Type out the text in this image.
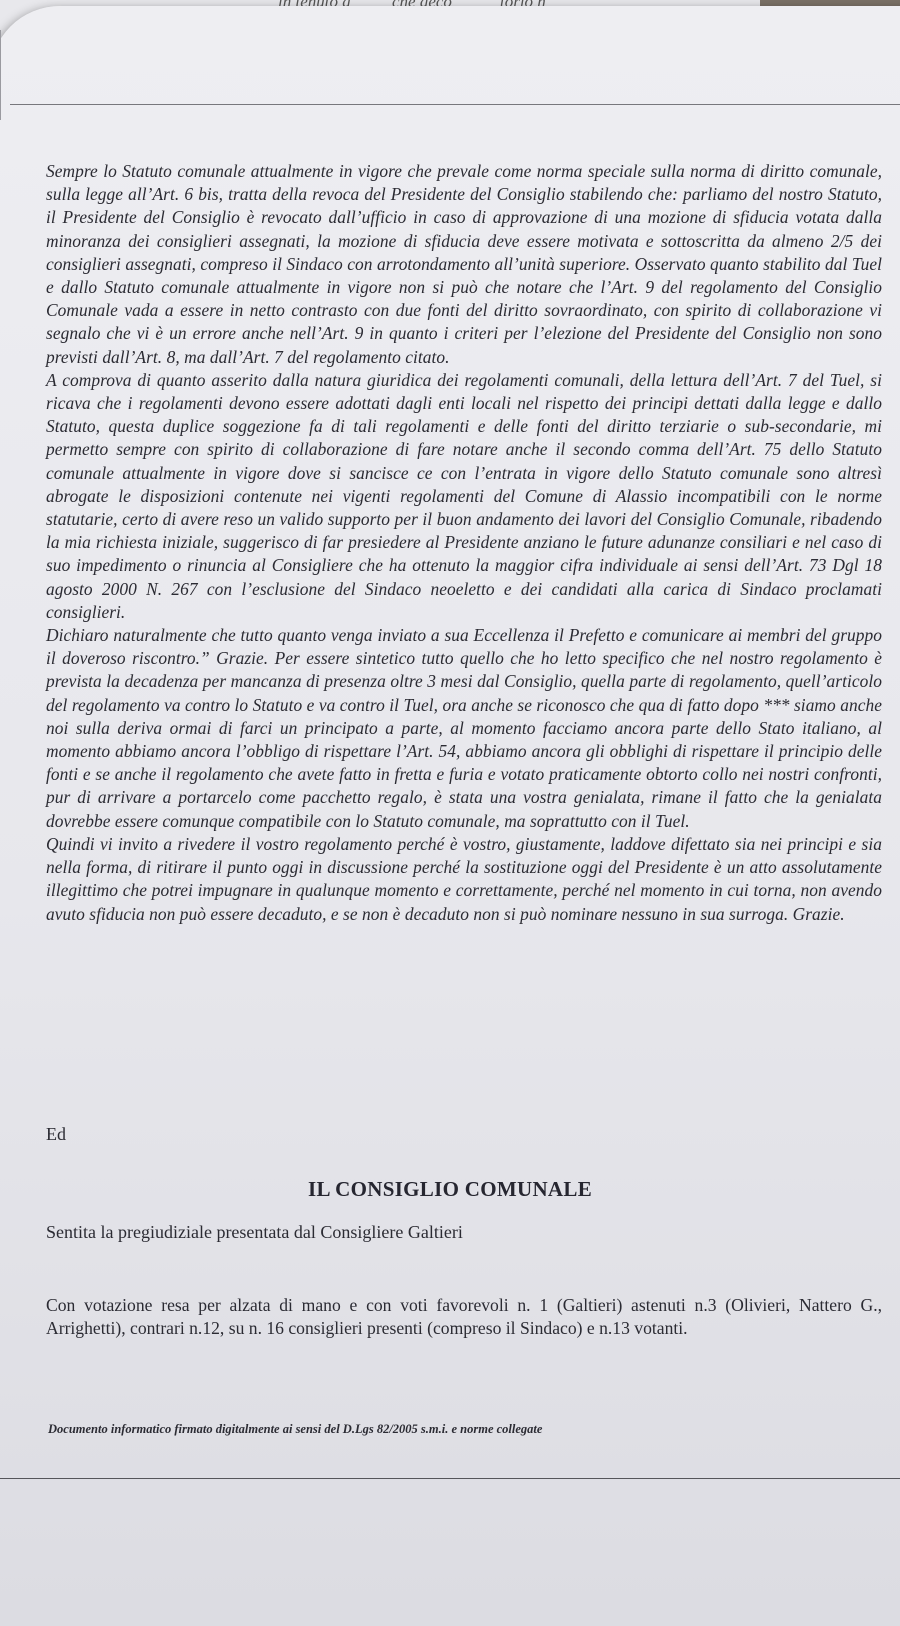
Sempre lo Statuto comunale attualmente in vigore che prevale come norma speciale sulla norma di diritto comunale, sulla legge all’Art. 6 bis, tratta della revoca del Presidente del Consiglio stabilendo che: parliamo del nostro Statuto, il Presidente del Consiglio è revocato dall’ufficio in caso di approvazione di una mozione di sfiducia votata dalla minoranza dei consiglieri assegnati, la mozione di sfiducia deve essere motivata e sottoscritta da almeno 2/5 dei consiglieri assegnati, compreso il Sindaco con arrotondamento all’unità superiore. Osservato quanto stabilito dal Tuel e dallo Statuto comunale attualmente in vigore non si può che notare che l’Art. 9 del regolamento del Consiglio Comunale vada a essere in netto contrasto con due fonti del diritto sovraordinato, con spirito di collaborazione vi segnalo che vi è un errore anche nell’Art. 9 in quanto i criteri per l’elezione del Presidente del Consiglio non sono previsti dall’Art. 8, ma dall’Art. 7 del regolamento citato.

A comprova di quanto asserito dalla natura giuridica dei regolamenti comunali, della lettura dell’Art. 7 del Tuel, si ricava che i regolamenti devono essere adottati dagli enti locali nel rispetto dei principi dettati dalla legge e dallo Statuto, questa duplice soggezione fa di tali regolamenti e delle fonti del diritto terziarie o sub-secondarie, mi permetto sempre con spirito di collaborazione di fare notare anche il secondo comma dell’Art. 75 dello Statuto comunale attualmente in vigore dove si sancisce ce con l’entrata in vigore dello Statuto comunale sono altresì abrogate le disposizioni contenute nei vigenti regolamenti del Comune di Alassio incompatibili con le norme statutarie, certo di avere reso un valido supporto per il buon andamento dei lavori del Consiglio Comunale, ribadendo la mia richiesta iniziale, suggerisco di far presiedere al Presidente anziano le future adunanze consiliari e nel caso di suo impedimento o rinuncia al Consigliere che ha ottenuto la maggior cifra individuale ai sensi dell’Art. 73 Dgl 18 agosto 2000 N. 267 con l’esclusione del Sindaco neoeletto e dei candidati alla carica di Sindaco proclamati consiglieri.

Dichiaro naturalmente che tutto quanto venga inviato a sua Eccellenza il Prefetto e comunicare ai membri del gruppo il doveroso riscontro.” Grazie. Per essere sintetico tutto quello che ho letto specifico che nel nostro regolamento è prevista la decadenza per mancanza di presenza oltre 3 mesi dal Consiglio, quella parte di regolamento, quell’articolo del regolamento va contro lo Statuto e va contro il Tuel, ora anche se riconosco che qua di fatto dopo *** siamo anche noi sulla deriva ormai di farci un principato a parte, al momento facciamo ancora parte dello Stato italiano, al momento abbiamo ancora l’obbligo di rispettare l’Art. 54, abbiamo ancora gli obblighi di rispettare il principio delle fonti e se anche il regolamento che avete fatto in fretta e furia e votato praticamente obtorto collo nei nostri confronti, pur di arrivare a portarcelo come pacchetto regalo, è stata una vostra genialata, rimane il fatto che la genialata dovrebbe essere comunque compatibile con lo Statuto comunale, ma soprattutto con il Tuel.

Quindi vi invito a rivedere il vostro regolamento perché è vostro, giustamente, laddove difettato sia nei principi e sia nella forma, di ritirare il punto oggi in discussione perché la sostituzione oggi del Presidente è un atto assolutamente illegittimo che potrei impugnare in qualunque momento e correttamente, perché nel momento in cui torna, non avendo avuto sfiducia non può essere decaduto, e se non è decaduto non si può nominare nessuno in sua surroga. Grazie.

Ed
IL CONSIGLIO COMUNALE
Sentita la pregiudiziale presentata dal Consigliere Galtieri
Con votazione resa per alzata di mano e con voti favorevoli n. 1 (Galtieri) astenuti n.3 (Olivieri, Nattero G., Arrighetti), contrari n.12, su n. 16 consiglieri presenti (compreso il Sindaco) e n.13 votanti.
Documento informatico firmato digitalmente ai sensi del D.Lgs 82/2005 s.m.i. e norme collegate
